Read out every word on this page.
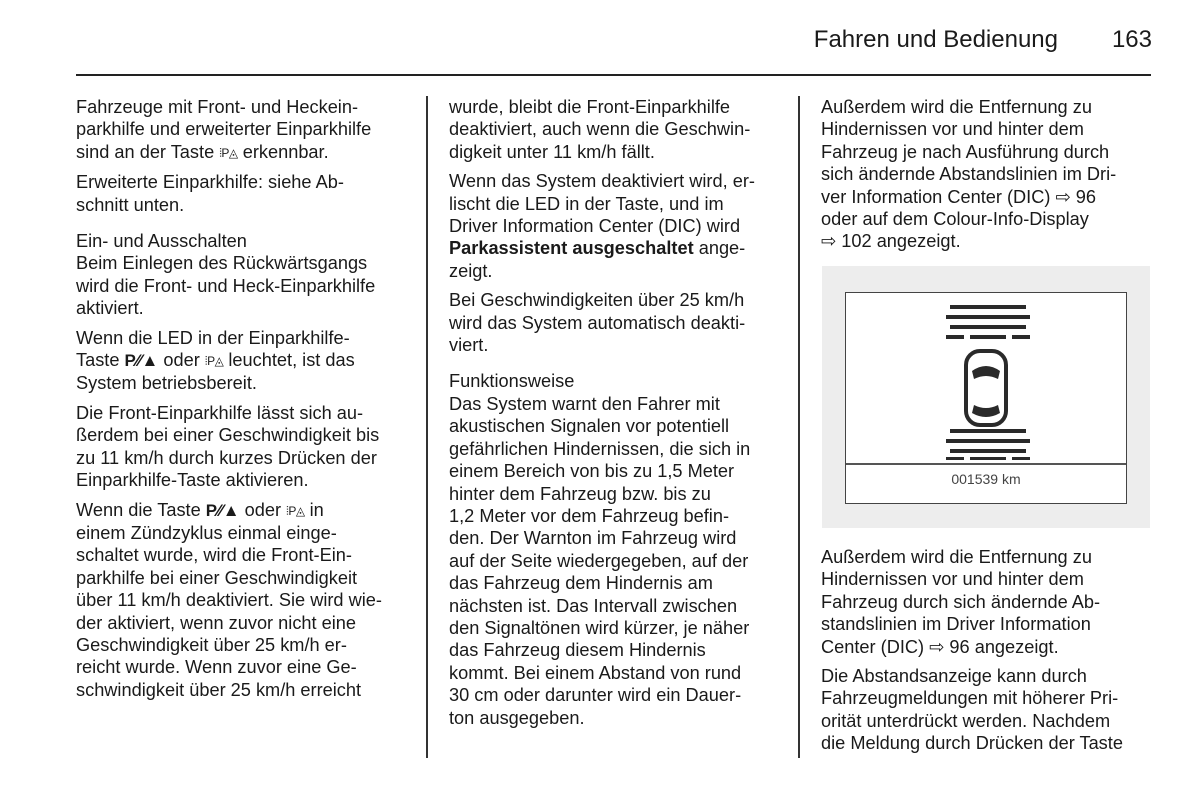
Fahren und Bedienung	163
Fahrzeuge mit Front- und Heckein-
parkhilfe und erweiterter Einparkhilfe
sind an der Taste ⦙P◬ erkennbar.
Erweiterte Einparkhilfe: siehe Ab-
schnitt unten.
Ein- und Ausschalten
Beim Einlegen des Rückwärtsgangs
wird die Front- und Heck-Einparkhilfe
aktiviert.
Wenn die LED in der Einparkhilfe-
Taste P⁄⁄▲ oder ⦙P◬ leuchtet, ist das
System betriebsbereit.
Die Front-Einparkhilfe lässt sich au-
ßerdem bei einer Geschwindigkeit bis
zu 11 km/h durch kurzes Drücken der
Einparkhilfe-Taste aktivieren.
Wenn die Taste P⁄⁄▲ oder ⦙P◬ in
einem Zündzyklus einmal einge-
schaltet wurde, wird die Front-Ein-
parkhilfe bei einer Geschwindigkeit
über 11 km/h deaktiviert. Sie wird wie-
der aktiviert, wenn zuvor nicht eine
Geschwindigkeit über 25 km/h er-
reicht wurde. Wenn zuvor eine Ge-
schwindigkeit über 25 km/h erreicht
wurde, bleibt die Front-Einparkhilfe
deaktiviert, auch wenn die Geschwin-
digkeit unter 11 km/h fällt.
Wenn das System deaktiviert wird, er-
lischt die LED in der Taste, und im
Driver Information Center (DIC) wird
Parkassistent ausgeschaltet ange-
zeigt.
Bei Geschwindigkeiten über 25 km/h
wird das System automatisch deakti-
viert.
Funktionsweise
Das System warnt den Fahrer mit
akustischen Signalen vor potentiell
gefährlichen Hindernissen, die sich in
einem Bereich von bis zu 1,5 Meter
hinter dem Fahrzeug bzw. bis zu
1,2 Meter vor dem Fahrzeug befin-
den. Der Warnton im Fahrzeug wird
auf der Seite wiedergegeben, auf der
das Fahrzeug dem Hindernis am
nächsten ist. Das Intervall zwischen
den Signaltönen wird kürzer, je näher
das Fahrzeug diesem Hindernis
kommt. Bei einem Abstand von rund
30 cm oder darunter wird ein Dauer-
ton ausgegeben.
Außerdem wird die Entfernung zu
Hindernissen vor und hinter dem
Fahrzeug je nach Ausführung durch
sich ändernde Abstandslinien im Dri-
ver Information Center (DIC) ⇨ 96
oder auf dem Colour-Info-Display
⇨ 102 angezeigt.
001539 km
Außerdem wird die Entfernung zu
Hindernissen vor und hinter dem
Fahrzeug durch sich ändernde Ab-
standslinien im Driver Information
Center (DIC) ⇨ 96 angezeigt.
Die Abstandsanzeige kann durch
Fahrzeugmeldungen mit höherer Pri-
orität unterdrückt werden. Nachdem
die Meldung durch Drücken der Taste
